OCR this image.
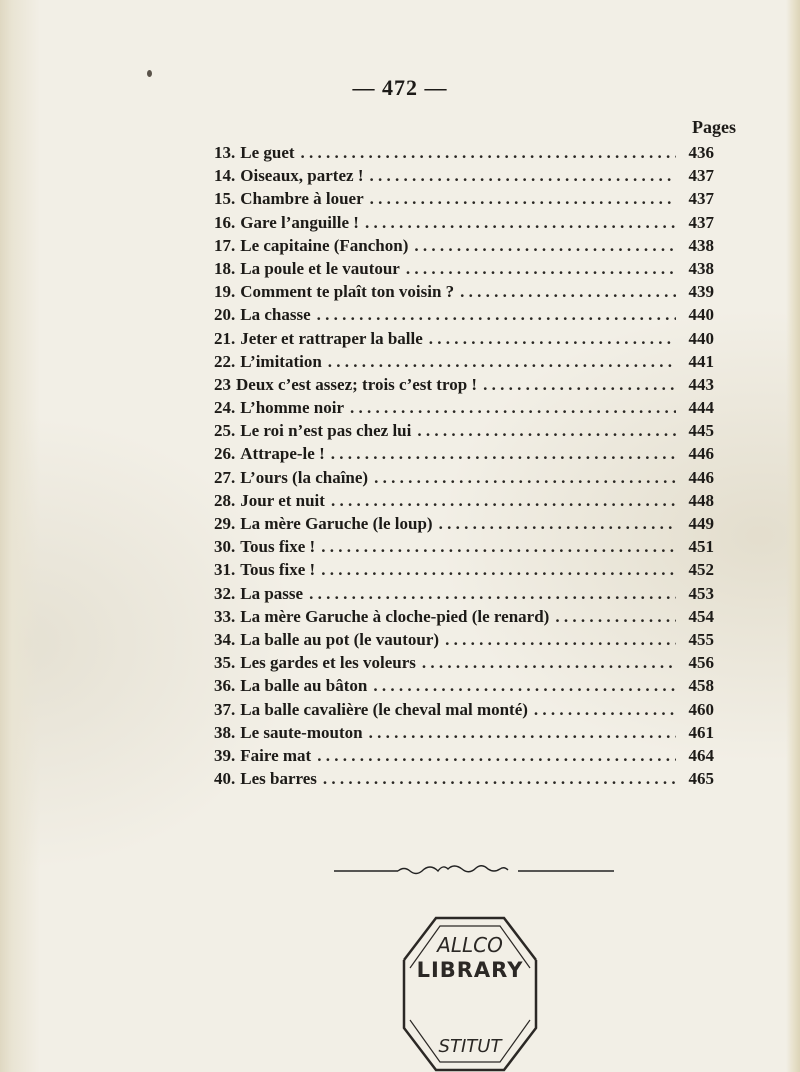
— 472 —
Pages
13. Le guet . . .	436
14. Oiseaux, partez ! . . .	437
15. Chambre à louer . . .	437
16. Gare l’anguille ! . . .	437
17. Le capitaine (Fanchon) . . .	438
18. La poule et le vautour . . .	438
19. Comment te plaît ton voisin ? . . .	439
20. La chasse . . .	440
21. Jeter et rattraper la balle . . .	440
22. L’imitation . . .	441
23 Deux c’est assez; trois c’est trop ! . . .	443
24. L’homme noir . . .	444
25. Le roi n’est pas chez lui . . .	445
26. Attrape-le ! . . .	446
27. L’ours (la chaîne) . . .	446
28. Jour et nuit . . .	448
29. La mère Garuche (le loup) . . .	449
30. Tous fixe ! . . .	451
31. Tous fixe ! . . .	452
32. La passe . . .	453
33. La mère Garuche à cloche-pied (le renard) . . .	454
34. La balle au pot (le vautour) . . .	455
35. Les gardes et les voleurs . . .	456
36. La balle au bâton . . .	458
37. La balle cavalière (le cheval mal monté) . . .	460
38. Le saute-mouton . . .	461
39. Faire mat . . .	464
40. Les barres . . .	465
ALLCO
STITUT
LIBRARY
